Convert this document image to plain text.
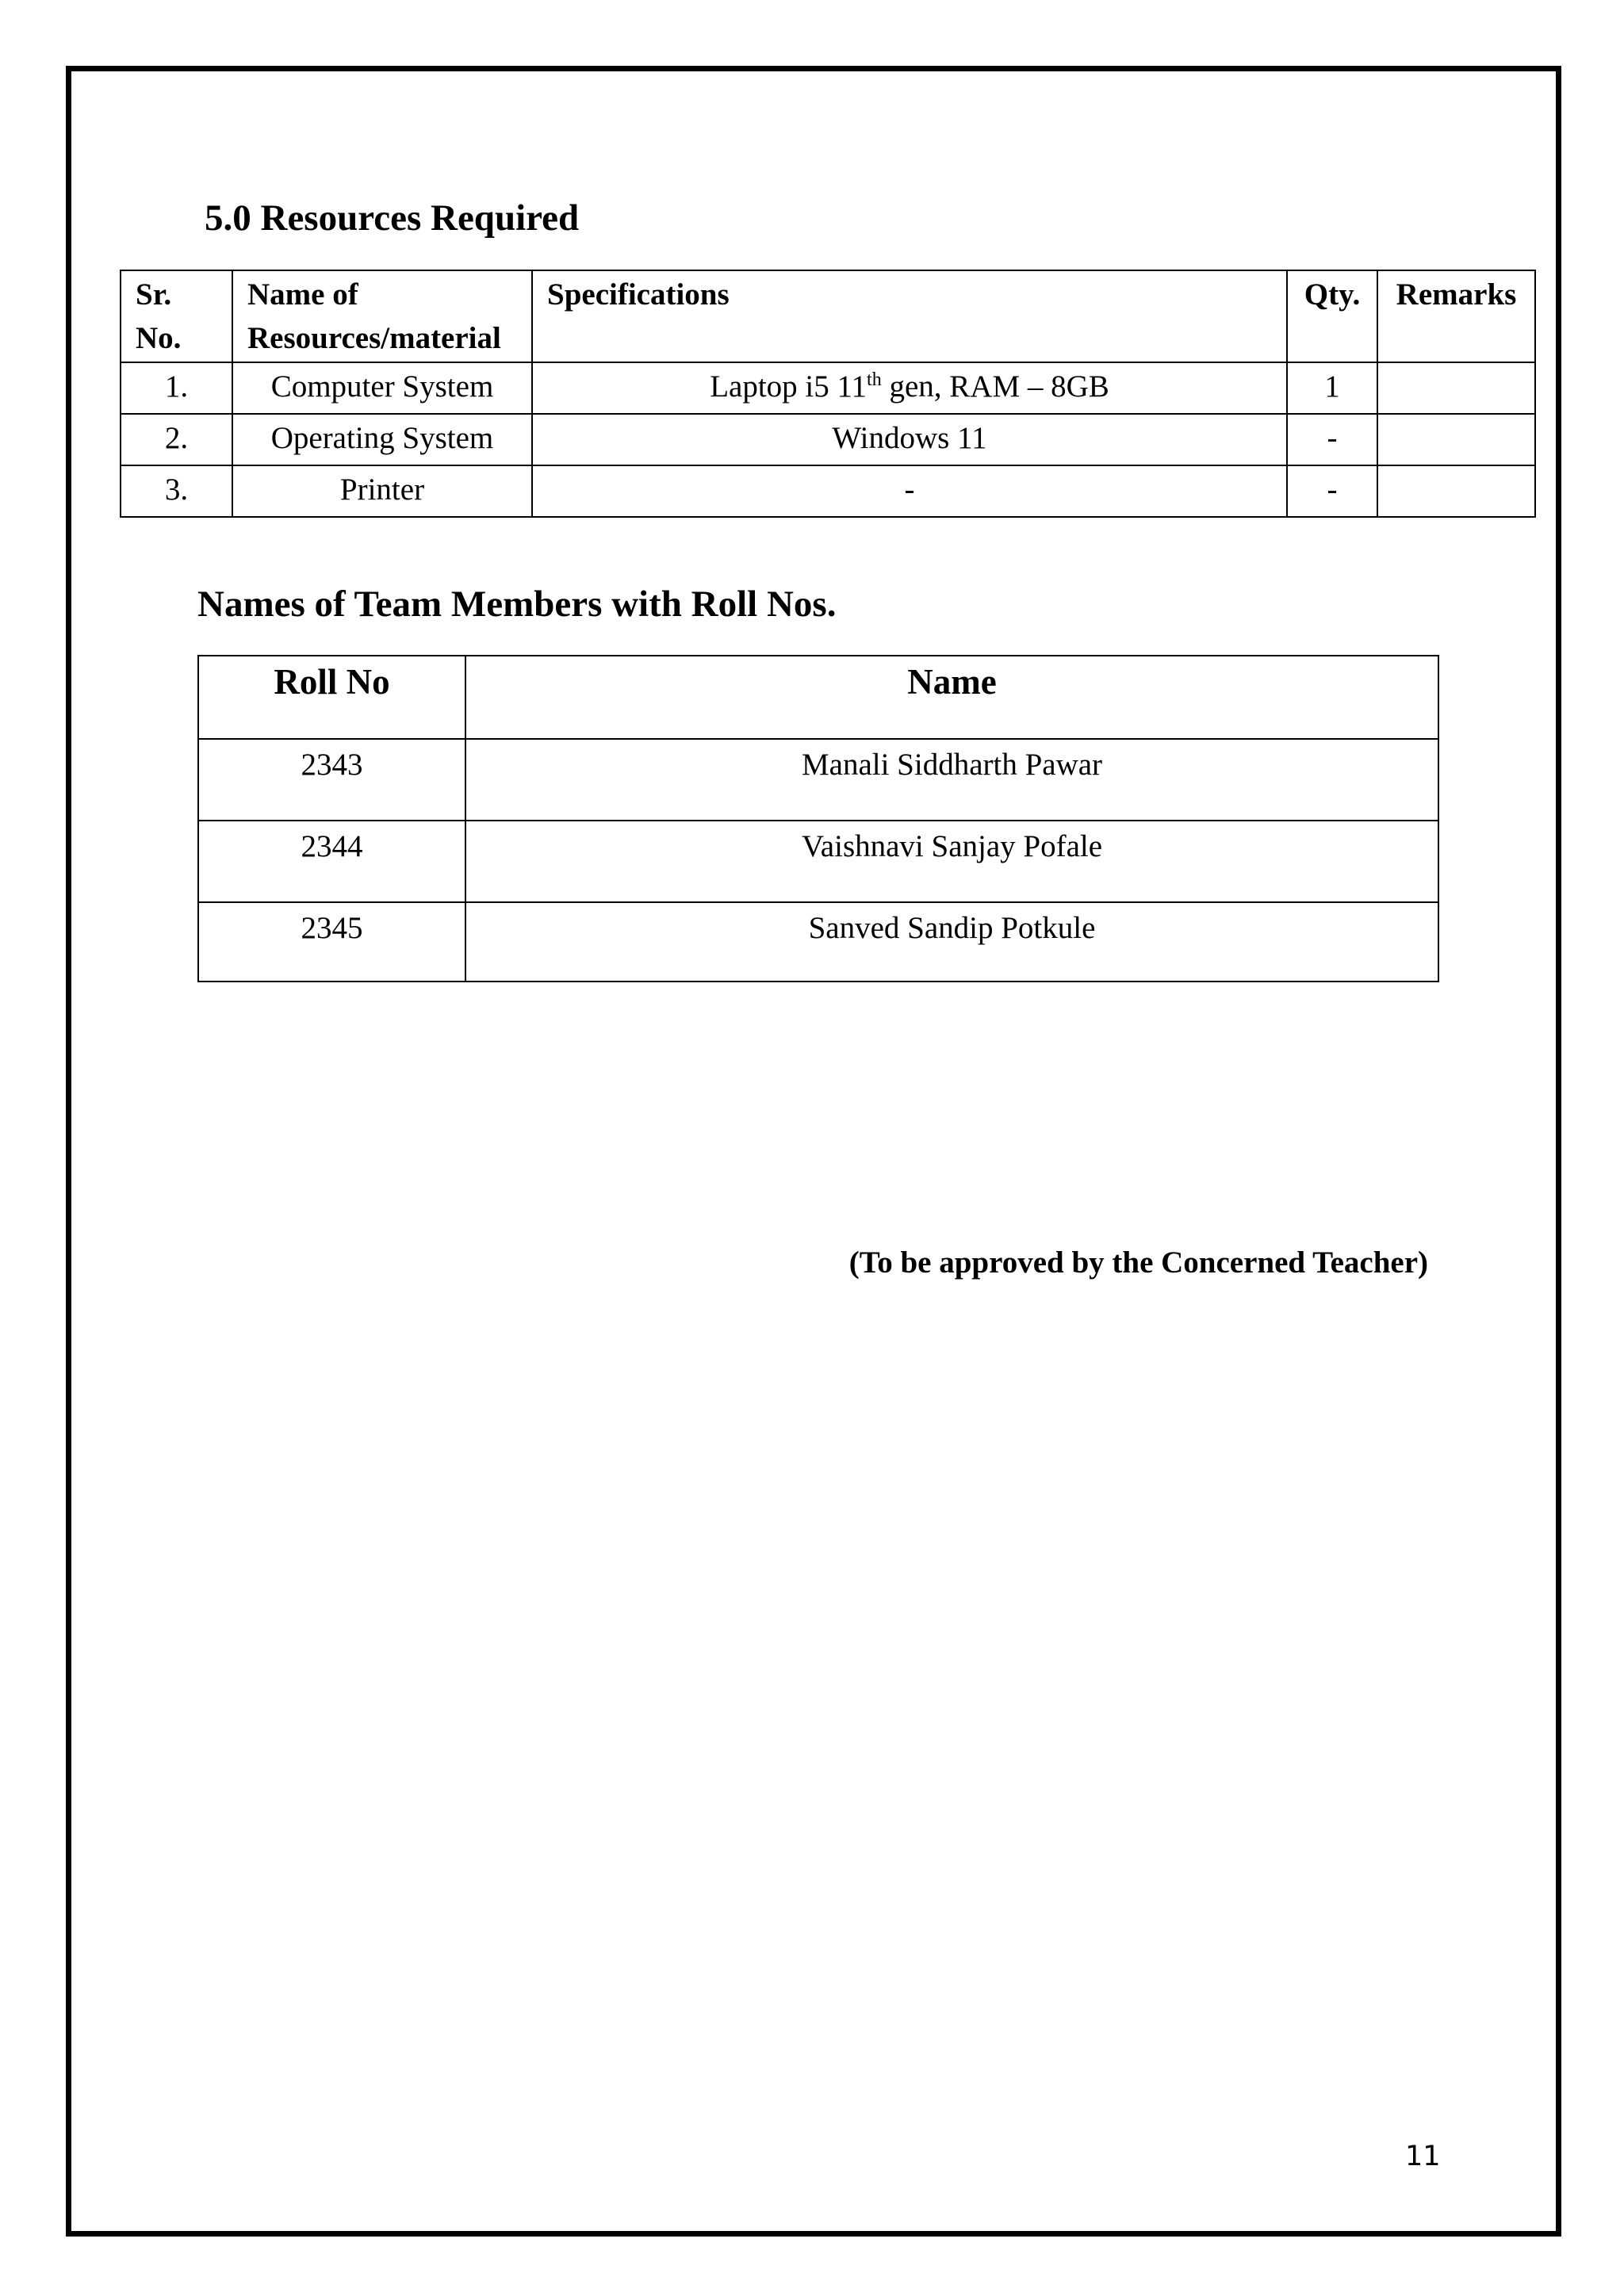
5.0 Resources Required
Sr. No.	Name of Resources/material	Specifications	Qty.	Remarks
1.	Computer System	Laptop i5 11th gen, RAM – 8GB	1	
2.	Operating System	Windows 11	-	
3.	Printer	-	-	
Names of Team Members with Roll Nos.
Roll No	Name
2343	Manali Siddharth Pawar
2344	Vaishnavi Sanjay Pofale
2345	Sanved Sandip Potkule
(To be approved by the Concerned Teacher)
11
